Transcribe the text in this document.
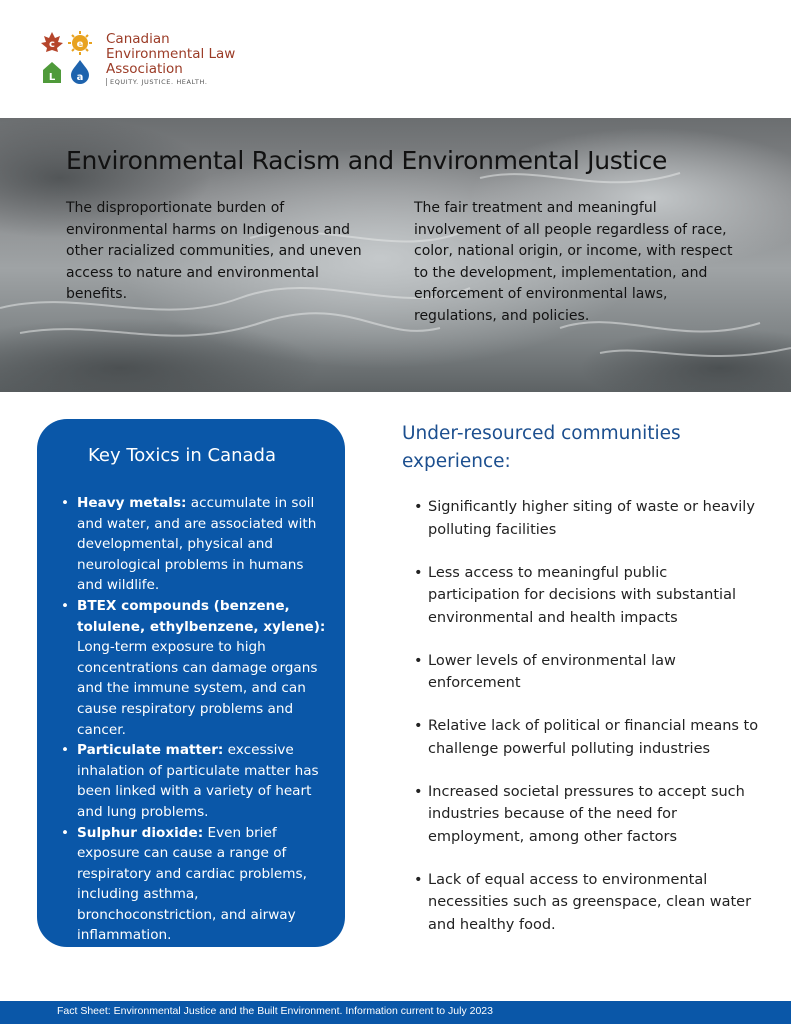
c e
L a
Canadian
Environmental Law
Association
EQUITY. JUSTICE. HEALTH.
Environmental Racism and Environmental Justice
The disproportionate burden of environmental harms on Indigenous and other racialized communities, and uneven access to nature and environmental benefits.
The fair treatment and meaningful involvement of all people regardless of race, color, national origin, or income, with respect to the development, implementation, and enforcement of environmental laws, regulations, and policies.
Key Toxics in Canada
• Heavy metals: accumulate in soil and water, and are associated with developmental, physical and neurological problems in humans and wildlife.
• BTEX compounds (benzene, tolulene, ethylbenzene, xylene): Long-term exposure to high concentrations can damage organs and the immune system, and can cause respiratory problems and cancer.
• Particulate matter: excessive inhalation of particulate matter has been linked with a variety of heart and lung problems.
• Sulphur dioxide: Even brief exposure can cause a range of respiratory and cardiac problems, including asthma, bronchoconstriction, and airway inflammation.
Under-resourced communities experience:
• Significantly higher siting of waste or heavily polluting facilities
• Less access to meaningful public participation for decisions with substantial environmental and health impacts
• Lower levels of environmental law enforcement
• Relative lack of political or financial means to challenge powerful polluting industries
• Increased societal pressures to accept such industries because of the need for employment, among other factors
• Lack of equal access to environmental necessities such as greenspace, clean water and healthy food.
Fact Sheet: Environmental Justice and the Built Environment. Information current to July 2023
